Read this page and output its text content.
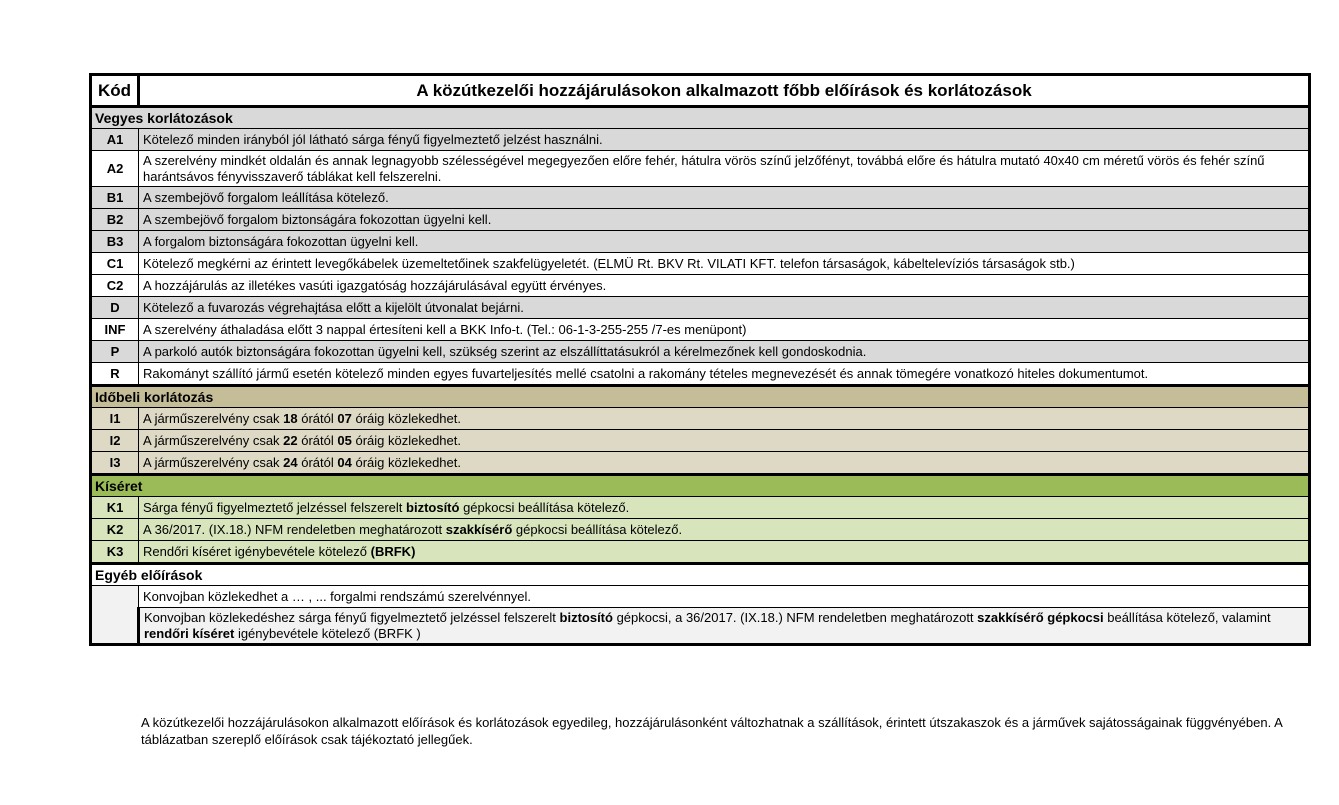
Kód	A közútkezelői hozzájárulásokon alkalmazott főbb előírások és korlátozások
Vegyes korlátozások	
A1	Kötelező minden irányból jól látható sárga fényű figyelmeztető jelzést használni.
A2	A szerelvény mindkét oldalán és annak legnagyobb szélességével megegyezően előre fehér, hátulra vörös színű jelzőfényt, továbbá előre és hátulra mutató 40x40 cm méretű vörös és fehér színű harántsávos fényvisszaverő táblákat kell felszerelni.
B1	A szembejövő forgalom leállítása kötelező.
B2	A szembejövő forgalom biztonságára fokozottan ügyelni kell.
B3	A forgalom biztonságára fokozottan ügyelni kell.
C1	Kötelező megkérni az érintett levegőkábelek üzemeltetőinek szakfelügyeletét. (ELMÜ Rt. BKV Rt. VILATI KFT. telefon társaságok, kábeltelevíziós társaságok stb.)
C2	A hozzájárulás az illetékes vasúti igazgatóság hozzájárulásával együtt érvényes.
D	Kötelező a fuvarozás végrehajtása előtt a kijelölt útvonalat bejárni.
INF	A szerelvény áthaladása előtt 3 nappal értesíteni kell a BKK Info-t. (Tel.: 06-1-3-255-255 /7-es menüpont)
P	A parkoló autók biztonságára fokozottan ügyelni kell, szükség szerint az elszállíttatásukról a kérelmezőnek kell gondoskodnia.
R	Rakományt szállító jármű esetén kötelező minden egyes fuvarteljesítés mellé csatolni a rakomány tételes megnevezését és annak tömegére vonatkozó hiteles dokumentumot.
Időbeli korlátozás	
I1	A járműszerelvény csak 18 órától 07 óráig közlekedhet.
I2	A járműszerelvény csak 22 órától 05 óráig közlekedhet.
I3	A járműszerelvény csak 24 órától 04 óráig közlekedhet.
Kíséret	
K1	Sárga fényű figyelmeztető jelzéssel felszerelt biztosító gépkocsi beállítása kötelező.
K2	A 36/2017. (IX.18.) NFM rendeletben meghatározott szakkísérő gépkocsi beállítása kötelező.
K3	Rendőri kíséret igénybevétele kötelező (BRFK)
Egyéb előírások	
	Konvojban közlekedhet a … , ... forgalmi rendszámú szerelvénnyel.
	Konvojban közlekedéshez sárga fényű figyelmeztető jelzéssel felszerelt biztosító gépkocsi, a 36/2017. (IX.18.) NFM rendeletben meghatározott szakkísérő gépkocsi beállítása kötelező, valamint rendőri kíséret igénybevétele kötelező (BRFK )

A közútkezelői hozzájárulásokon alkalmazott előírások és korlátozások egyedileg, hozzájárulásonként változhatnak a szállítások, érintett útszakaszok és a járművek sajátosságainak függvényében. A táblázatban szereplő előírások csak tájékoztató jellegűek.
